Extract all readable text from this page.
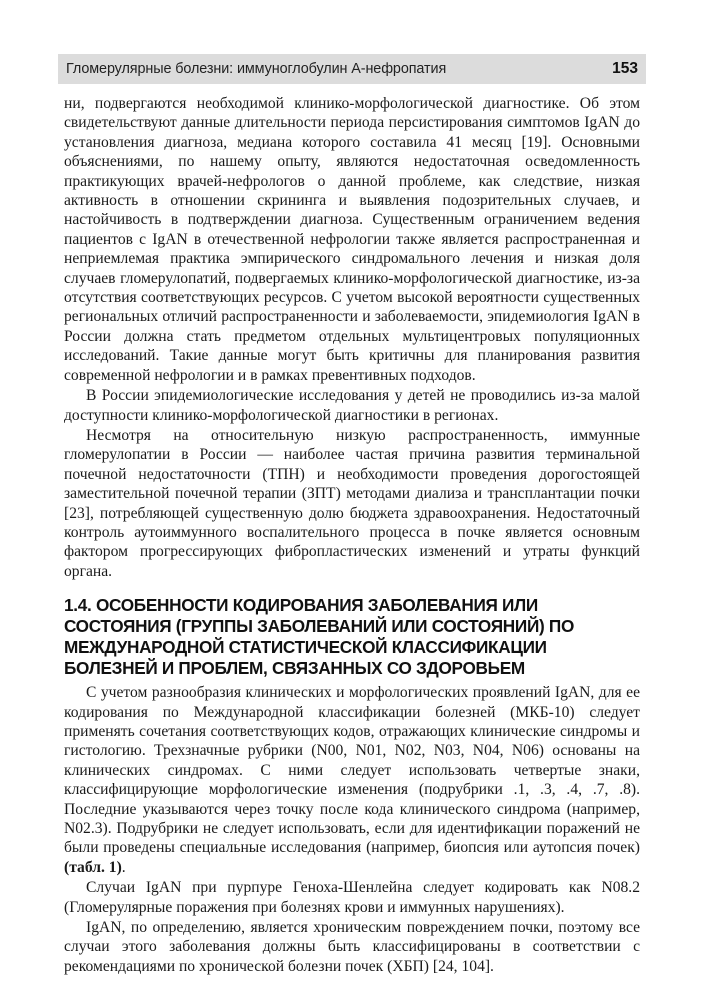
Гломерулярные болезни: иммуноглобулин А-нефропатия	153

ни, подвергаются необходимой клинико-морфологической диагностике. Об этом свидетельствуют данные длительности периода персистирования симптомов IgAN до установления диагноза, медиана которого составила 41 месяц [19]. Основными объяснениями, по нашему опыту, являются недостаточная осведомленность практикующих врачей-нефрологов о данной проблеме, как следствие, низкая активность в отношении скрининга и выявления подозрительных случаев, и настойчивость в подтверждении диагноза. Существенным ограничением ведения пациентов с IgAN в отечественной нефрологии также является распространенная и неприемлемая практика эмпирического синдромального лечения и низкая доля случаев гломерулопатий, подвергаемых клинико-морфологической диагностике, из-за отсутствия соответствующих ресурсов. С учетом высокой вероятности существенных региональных отличий распространенности и заболеваемости, эпидемиология IgAN в России должна стать предметом отдельных мультицентровых популяционных исследований. Такие данные могут быть критичны для планирования развития современной нефрологии и в рамках превентивных подходов.

В России эпидемиологические исследования у детей не проводились из-за малой доступности клинико-морфологической диагностики в регионах.

Несмотря на относительную низкую распространенность, иммунные гломерулопатии в России — наиболее частая причина развития терминальной почечной недостаточности (ТПН) и необходимости проведения дорогостоящей заместительной почечной терапии (ЗПТ) методами диализа и трансплантации почки [23], потребляющей существенную долю бюджета здравоохранения. Недостаточный контроль аутоиммунного воспалительного процесса в почке является основным фактором прогрессирующих фибропластических изменений и утраты функций органа.

1.4. ОСОБЕННОСТИ КОДИРОВАНИЯ ЗАБОЛЕВАНИЯ ИЛИ СОСТОЯНИЯ (ГРУППЫ ЗАБОЛЕВАНИЙ ИЛИ СОСТОЯНИЙ) ПО МЕЖДУНАРОДНОЙ СТАТИСТИЧЕСКОЙ КЛАССИФИКАЦИИ БОЛЕЗНЕЙ И ПРОБЛЕМ, СВЯЗАННЫХ СО ЗДОРОВЬЕМ

С учетом разнообразия клинических и морфологических проявлений IgAN, для ее кодирования по Международной классификации болезней (МКБ-10) следует применять сочетания соответствующих кодов, отражающих клинические синдромы и гистологию. Трехзначные рубрики (N00, N01, N02, N03, N04, N06) основаны на клинических синдромах. С ними следует использовать четвертые знаки, классифицирующие морфологические изменения (подрубрики .1, .3, .4, .7, .8). Последние указываются через точку после кода клинического синдрома (например, N02.3). Подрубрики не следует использовать, если для идентификации поражений не были проведены специальные исследования (например, биопсия или аутопсия почек) (табл. 1).

Случаи IgAN при пурпуре Геноха-Шенлейна следует кодировать как N08.2 (Гломерулярные поражения при болезнях крови и иммунных нарушениях).

IgAN, по определению, является хроническим повреждением почки, поэтому все случаи этого заболевания должны быть классифицированы в соответствии с рекомендациями по хронической болезни почек (ХБП) [24, 104].
